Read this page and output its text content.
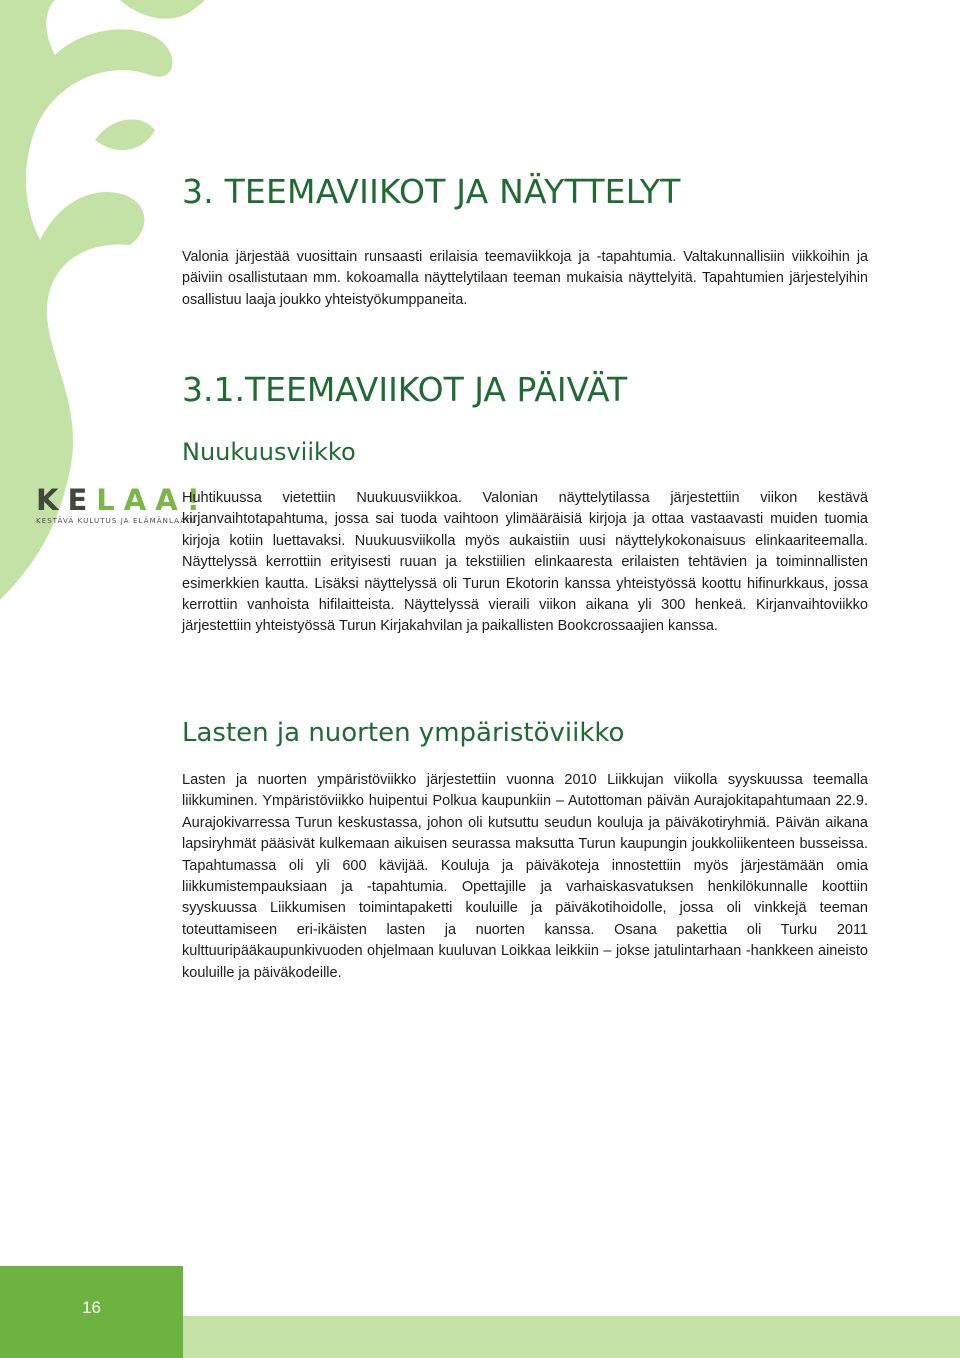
3. TEEMAVIIKOT JA NÄYTTELYT

Valonia järjestää vuosittain runsaasti erilaisia teemaviikkoja ja -tapahtumia. Valtakunnallisiin viikkoihin ja päiviin osallistutaan mm. kokoamalla näyttelytilaan teeman mukaisia näyttelyitä. Tapahtumien järjestelyihin osallistuu laaja joukko yhteistyökumppaneita.

3.1.TEEMAVIIKOT JA PÄIVÄT
Nuukuusviikko
KELAA!
KESTÄVÄ KULUTUS JA ELÄMÄNLAATU

Huhtikuussa vietettiin Nuukuusviikkoa. Valonian näyttelytilassa järjestettiin viikon kestävä kirjanvaihtotapahtuma, jossa sai tuoda vaihtoon ylimääräisiä kirjoja ja ottaa vastaavasti muiden tuomia kirjoja kotiin luettavaksi. Nuukuusviikolla myös aukaistiin uusi näyttelykokonaisuus elinkaariteemalla. Näyttelyssä kerrottiin erityisesti ruuan ja tekstiilien elinkaaresta erilaisten tehtävien ja toiminnallisten esimerkkien kautta. Lisäksi näyttelyssä oli Turun Ekotorin kanssa yhteistyössä koottu hifinurkkaus, jossa kerrottiin vanhoista hifilaitteista. Näyttelyssä vieraili viikon aikana yli 300 henkeä. Kirjanvaihtoviikko järjestettiin yhteistyössä Turun Kirjakahvilan ja paikallisten Bookcrossaajien kanssa.

Lasten ja nuorten ympäristöviikko

Lasten ja nuorten ympäristöviikko järjestettiin vuonna 2010 Liikkujan viikolla syyskuussa teemalla liikkuminen. Ympäristöviikko huipentui Polkua kaupunkiin – Autottoman päivän Aurajokitapahtumaan 22.9. Aurajokivarressa Turun keskustassa, johon oli kutsuttu seudun kouluja ja päiväkotiryhmiä. Päivän aikana lapsiryhmät pääsivät kulkemaan aikuisen seurassa maksutta Turun kaupungin joukkoliikenteen busseissa. Tapahtumassa oli yli 600 kävijää. Kouluja ja päiväkoteja innostettiin myös järjestämään omia liikkumistempauksiaan ja -tapahtumia. Opettajille ja varhaiskasvatuksen henkilökunnalle koottiin syyskuussa Liikkumisen toimintapaketti kouluille ja päiväkotihoidolle, jossa oli vinkkejä teeman toteuttamiseen eri-ikäisten lasten ja nuorten kanssa. Osana pakettia oli Turku 2011 kulttuuripääkaupunkivuoden ohjelmaan kuuluvan Loikkaa leikkiin – jokse jatulintarhaan -hankkeen aineisto kouluille ja päiväkodeille.

16
